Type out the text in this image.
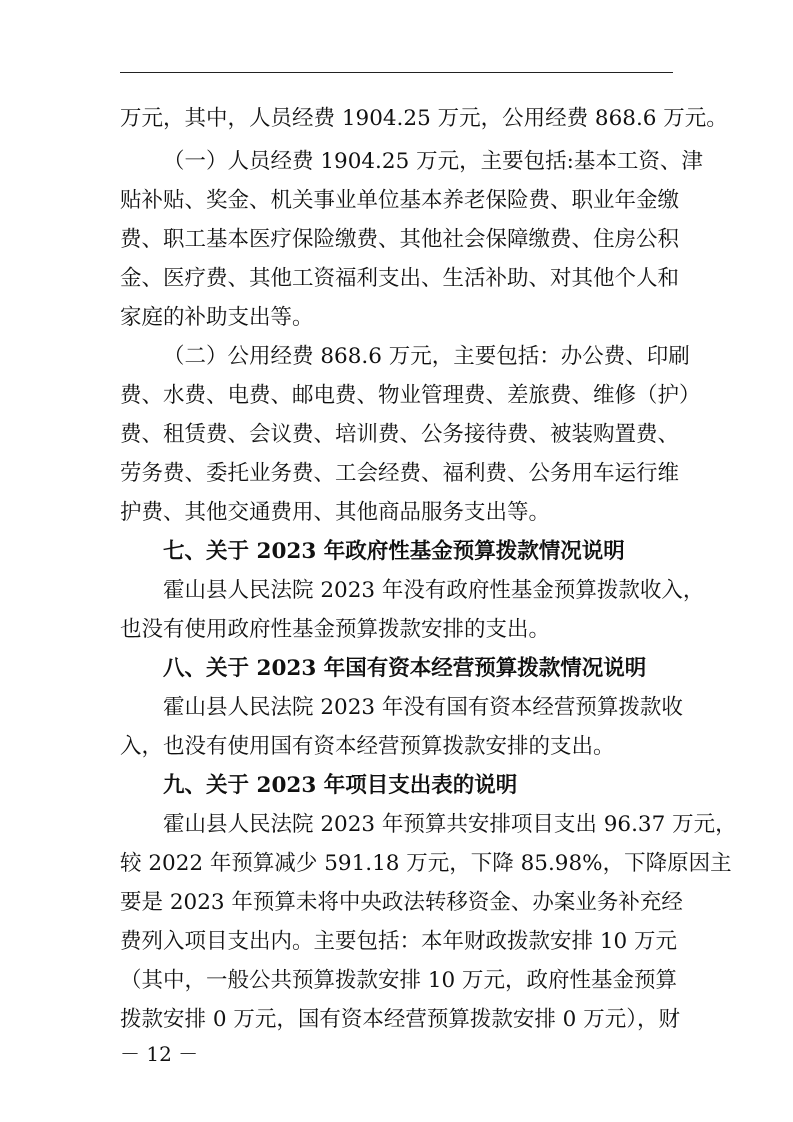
万元，其中，人员经费 1904.25 万元，公用经费 868.6 万元。
（一）人员经费 1904.25 万元，主要包括:基本工资、津
贴补贴、奖金、机关事业单位基本养老保险费、职业年金缴
费、职工基本医疗保险缴费、其他社会保障缴费、住房公积
金、医疗费、其他工资福利支出、生活补助、对其他个人和
家庭的补助支出等。
（二）公用经费 868.6 万元，主要包括：办公费、印刷
费、水费、电费、邮电费、物业管理费、差旅费、维修（护）
费、租赁费、会议费、培训费、公务接待费、被装购置费、
劳务费、委托业务费、工会经费、福利费、公务用车运行维
护费、其他交通费用、其他商品服务支出等。
七、关于 2023 年政府性基金预算拨款情况说明
霍山县人民法院 2023 年没有政府性基金预算拨款收入，
也没有使用政府性基金预算拨款安排的支出。
八、关于 2023 年国有资本经营预算拨款情况说明
霍山县人民法院 2023 年没有国有资本经营预算拨款收
入，也没有使用国有资本经营预算拨款安排的支出。
九、关于 2023 年项目支出表的说明
霍山县人民法院 2023 年预算共安排项目支出 96.37 万元，
较 2022 年预算减少 591.18 万元，下降 85.98%，下降原因主
要是 2023 年预算未将中央政法转移资金、办案业务补充经
费列入项目支出内。主要包括：本年财政拨款安排 10 万元
（其中，一般公共预算拨款安排 10 万元，政府性基金预算
拨款安排 0 万元，国有资本经营预算拨款安排 0 万元），财
－ 12 －
